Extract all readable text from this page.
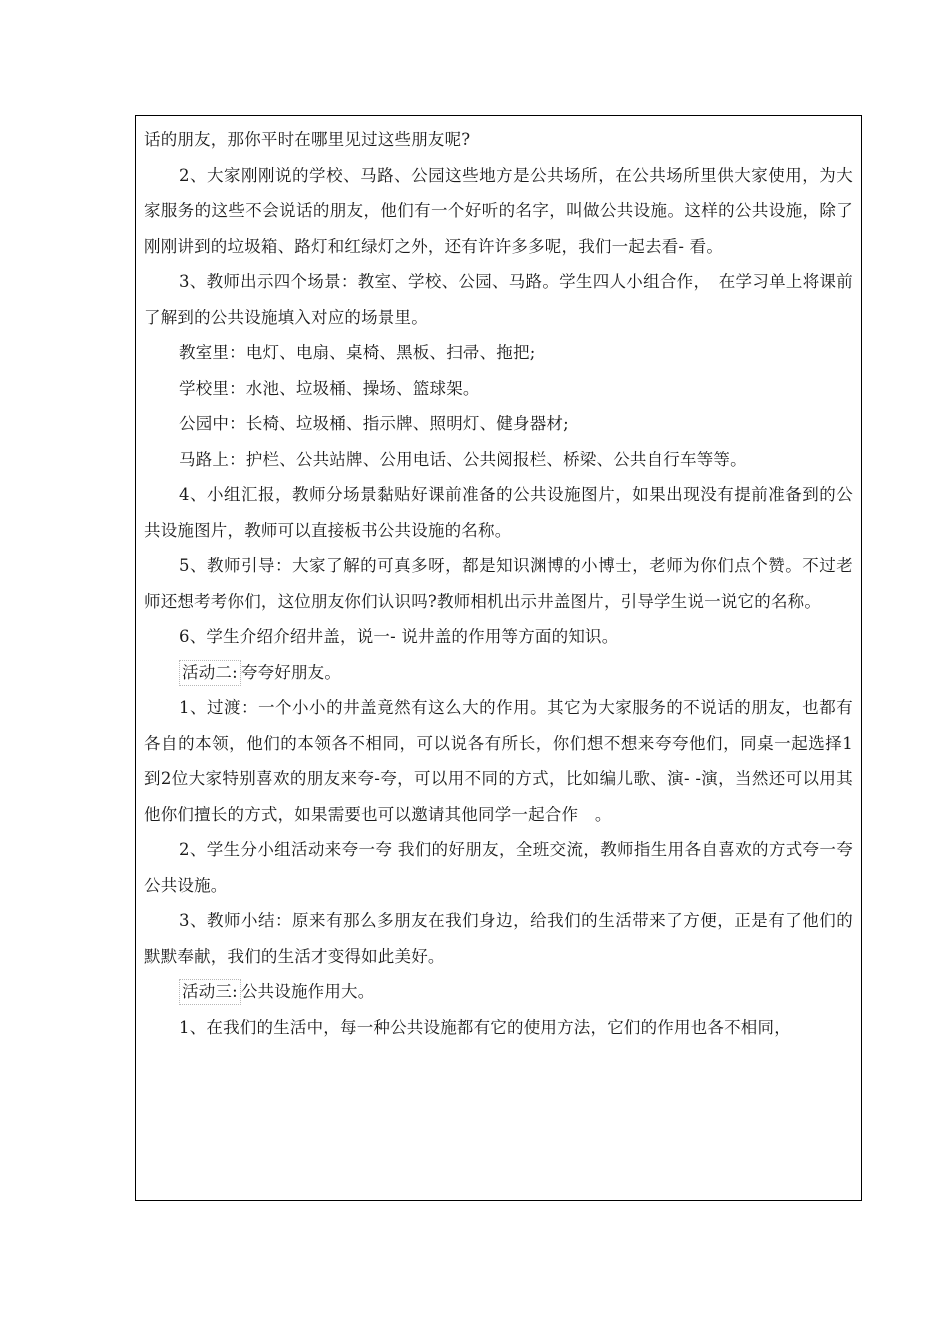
话的朋友，那你平时在哪里见过这些朋友呢?

2、大家刚刚说的学校、马路、公园这些地方是公共场所，在公共场所里供大家使用，为大家服务的这些不会说话的朋友，他们有一个好听的名字，叫做公共设施。这样的公共设施，除了刚刚讲到的垃圾箱、路灯和红绿灯之外，还有许许多多呢，我们一起去看- 看。

3、教师出示四个场景：教室、学校、公园、马路。学生四人小组合作，　在学习单上将课前了解到的公共设施填入对应的场景里。

教室里：电灯、电扇、桌椅、黑板、扫帚、拖把;

学校里：水池、垃圾桶、操场、篮球架。

公园中：长椅、垃圾桶、指示牌、照明灯、健身器材;

马路上：护栏、公共站牌、公用电话、公共阅报栏、桥梁、公共自行车等等。

4、小组汇报，教师分场景黏贴好课前准备的公共设施图片，如果出现没有提前准备到的公共设施图片，教师可以直接板书公共设施的名称。

5、教师引导：大家了解的可真多呀，都是知识渊博的小博士，老师为你们点个赞。不过老师还想考考你们，这位朋友你们认识吗?教师相机出示井盖图片，引导学生说一说它的名称。

6、学生介绍介绍井盖，说一- 说井盖的作用等方面的知识。

活动二: 夸夸好朋友。

1、过渡：一个小小的井盖竟然有这么大的作用。其它为大家服务的不说话的朋友，也都有各自的本领，他们的本领各不相同，可以说各有所长，你们想不想来夸夸他们，同桌一起选择1到2位大家特别喜欢的朋友来夸-夸，可以用不同的方式，比如编儿歌、演- -演，当然还可以用其他你们擅长的方式，如果需要也可以邀请其他同学一起合作　。

2、学生分小组活动来夸一夸 我们的好朋友，全班交流，教师指生用各自喜欢的方式夸一夸 公共设施。

3、教师小结：原来有那么多朋友在我们身边，给我们的生活带来了方便，正是有了他们的默默奉献，我们的生活才变得如此美好。

活动三: 公共设施作用大。

1、在我们的生活中，每一种公共设施都有它的使用方法，它们的作用也各不相同，
